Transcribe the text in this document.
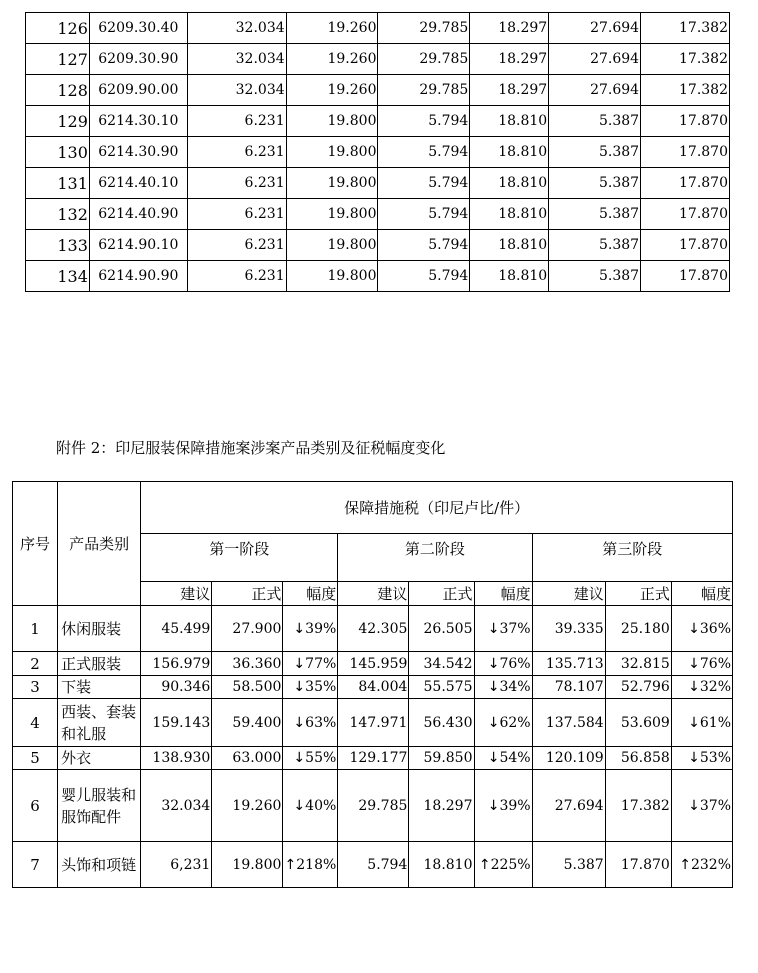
126	6209.30.40	32.034	19.260	29.785	18.297	27.694	17.382
127	6209.30.90	32.034	19.260	29.785	18.297	27.694	17.382
128	6209.90.00	32.034	19.260	29.785	18.297	27.694	17.382
129	6214.30.10	6.231	19.800	5.794	18.810	5.387	17.870
130	6214.30.90	6.231	19.800	5.794	18.810	5.387	17.870
131	6214.40.10	6.231	19.800	5.794	18.810	5.387	17.870
132	6214.40.90	6.231	19.800	5.794	18.810	5.387	17.870
133	6214.90.10	6.231	19.800	5.794	18.810	5.387	17.870
134	6214.90.90	6.231	19.800	5.794	18.810	5.387	17.870
附件 2：印尼服装保障措施案涉案产品类别及征税幅度变化
序号	产品类别	保障措施税（印尼卢比/件）								
		第一阶段			第二阶段			第三阶段		
		建议	正式	幅度	建议	正式	幅度	建议	正式	幅度
1	休闲服装	45.499	27.900	↓39%	42.305	26.505	↓37%	39.335	25.180	↓36%
2	正式服装	156.979	36.360	↓77%	145.959	34.542	↓76%	135.713	32.815	↓76%
3	下装	90.346	58.500	↓35%	84.004	55.575	↓34%	78.107	52.796	↓32%
4	西装、套装和礼服	159.143	59.400	↓63%	147.971	56.430	↓62%	137.584	53.609	↓61%
5	外衣	138.930	63.000	↓55%	129.177	59.850	↓54%	120.109	56.858	↓53%
6	婴儿服装和服饰配件	32.034	19.260	↓40%	29.785	18.297	↓39%	27.694	17.382	↓37%
7	头饰和项链	6,231	19.800	↑218%	5.794	18.810	↑225%	5.387	17.870	↑232%
